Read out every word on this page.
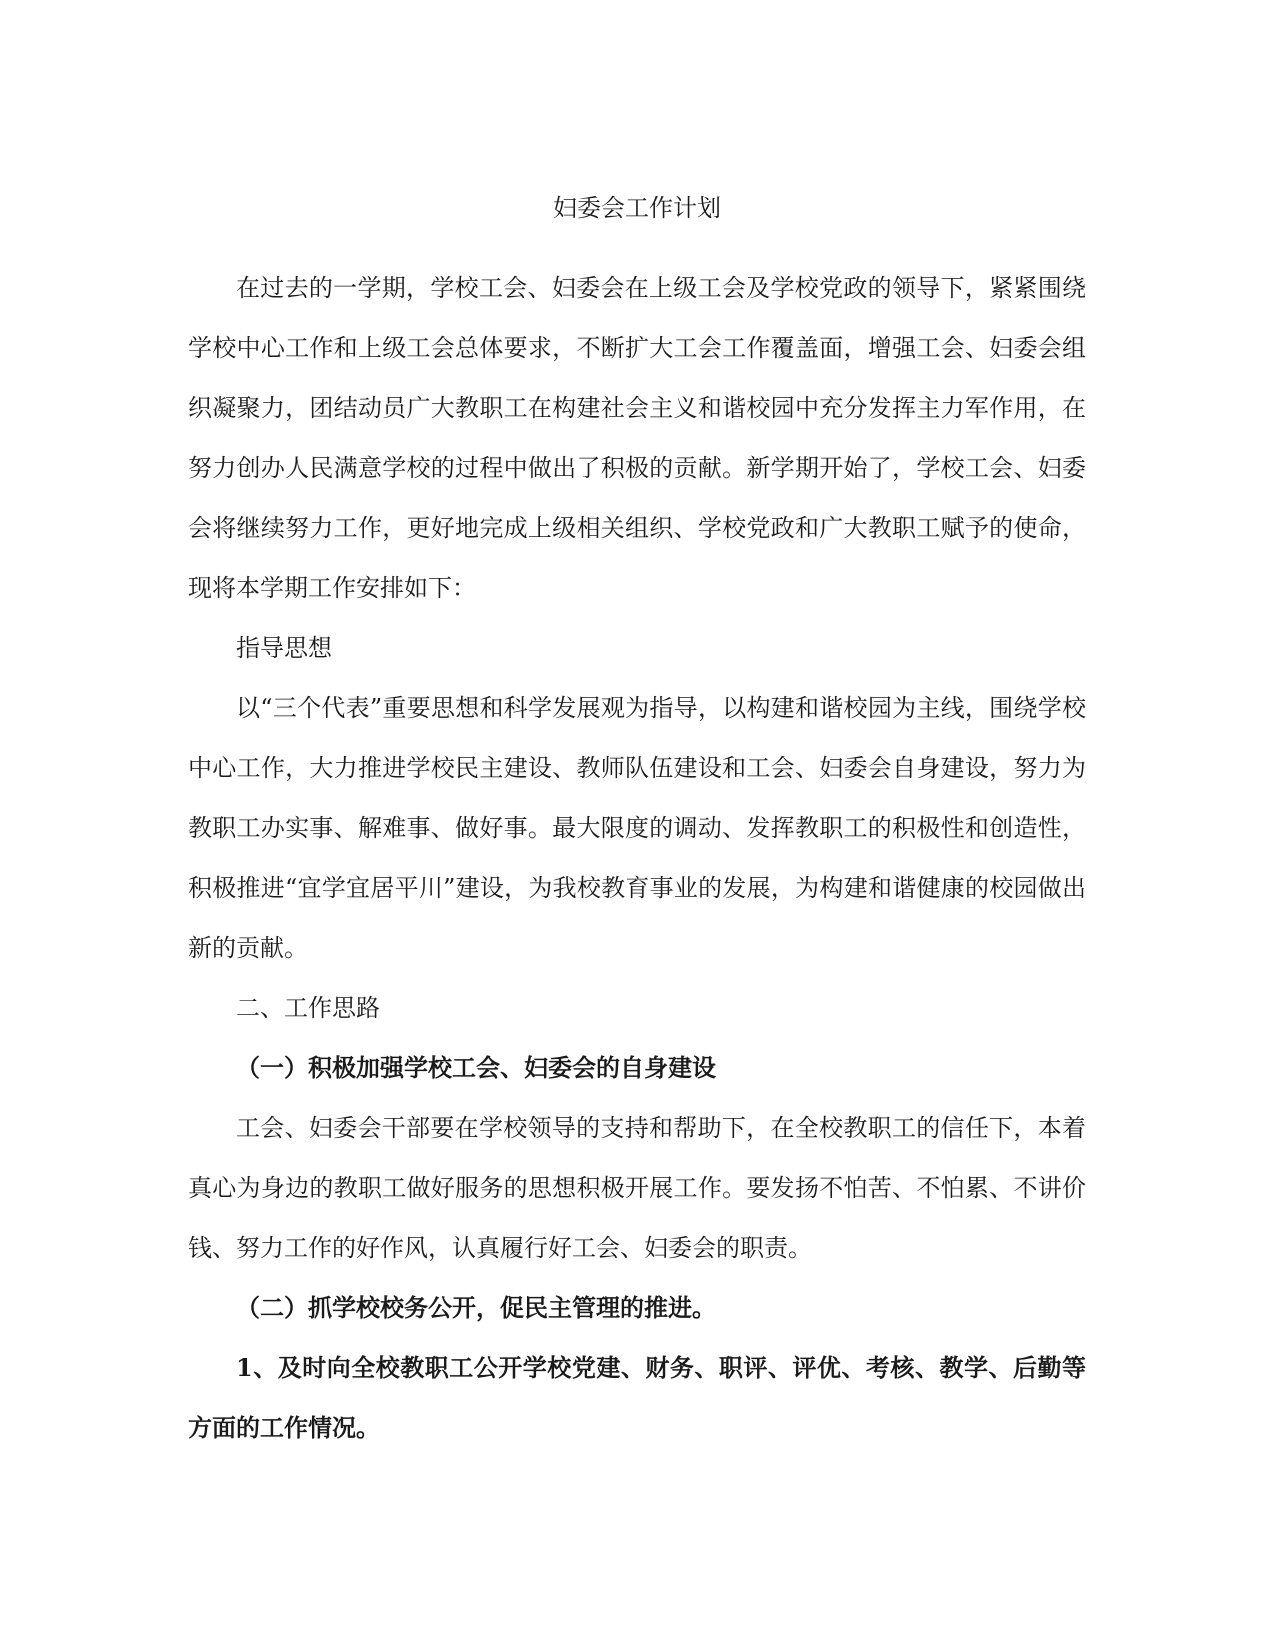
妇委会工作计划

在过去的一学期，学校工会、妇委会在上级工会及学校党政的领导下，紧紧围绕学校中心工作和上级工会总体要求，不断扩大工会工作覆盖面，增强工会、妇委会组织凝聚力，团结动员广大教职工在构建社会主义和谐校园中充分发挥主力军作用，在努力创办人民满意学校的过程中做出了积极的贡献。新学期开始了，学校工会、妇委会将继续努力工作，更好地完成上级相关组织、学校党政和广大教职工赋予的使命，现将本学期工作安排如下：

指导思想

以“三个代表”重要思想和科学发展观为指导，以构建和谐校园为主线，围绕学校中心工作，大力推进学校民主建设、教师队伍建设和工会、妇委会自身建设，努力为教职工办实事、解难事、做好事。最大限度的调动、发挥教职工的积极性和创造性，积极推进“宜学宜居平川”建设，为我校教育事业的发展，为构建和谐健康的校园做出新的贡献。

二、工作思路

（一）积极加强学校工会、妇委会的自身建设

工会、妇委会干部要在学校领导的支持和帮助下，在全校教职工的信任下，本着真心为身边的教职工做好服务的思想积极开展工作。要发扬不怕苦、不怕累、不讲价钱、努力工作的好作风，认真履行好工会、妇委会的职责。

（二）抓学校校务公开，促民主管理的推进。

1、及时向全校教职工公开学校党建、财务、职评、评优、考核、教学、后勤等方面的工作情况。
